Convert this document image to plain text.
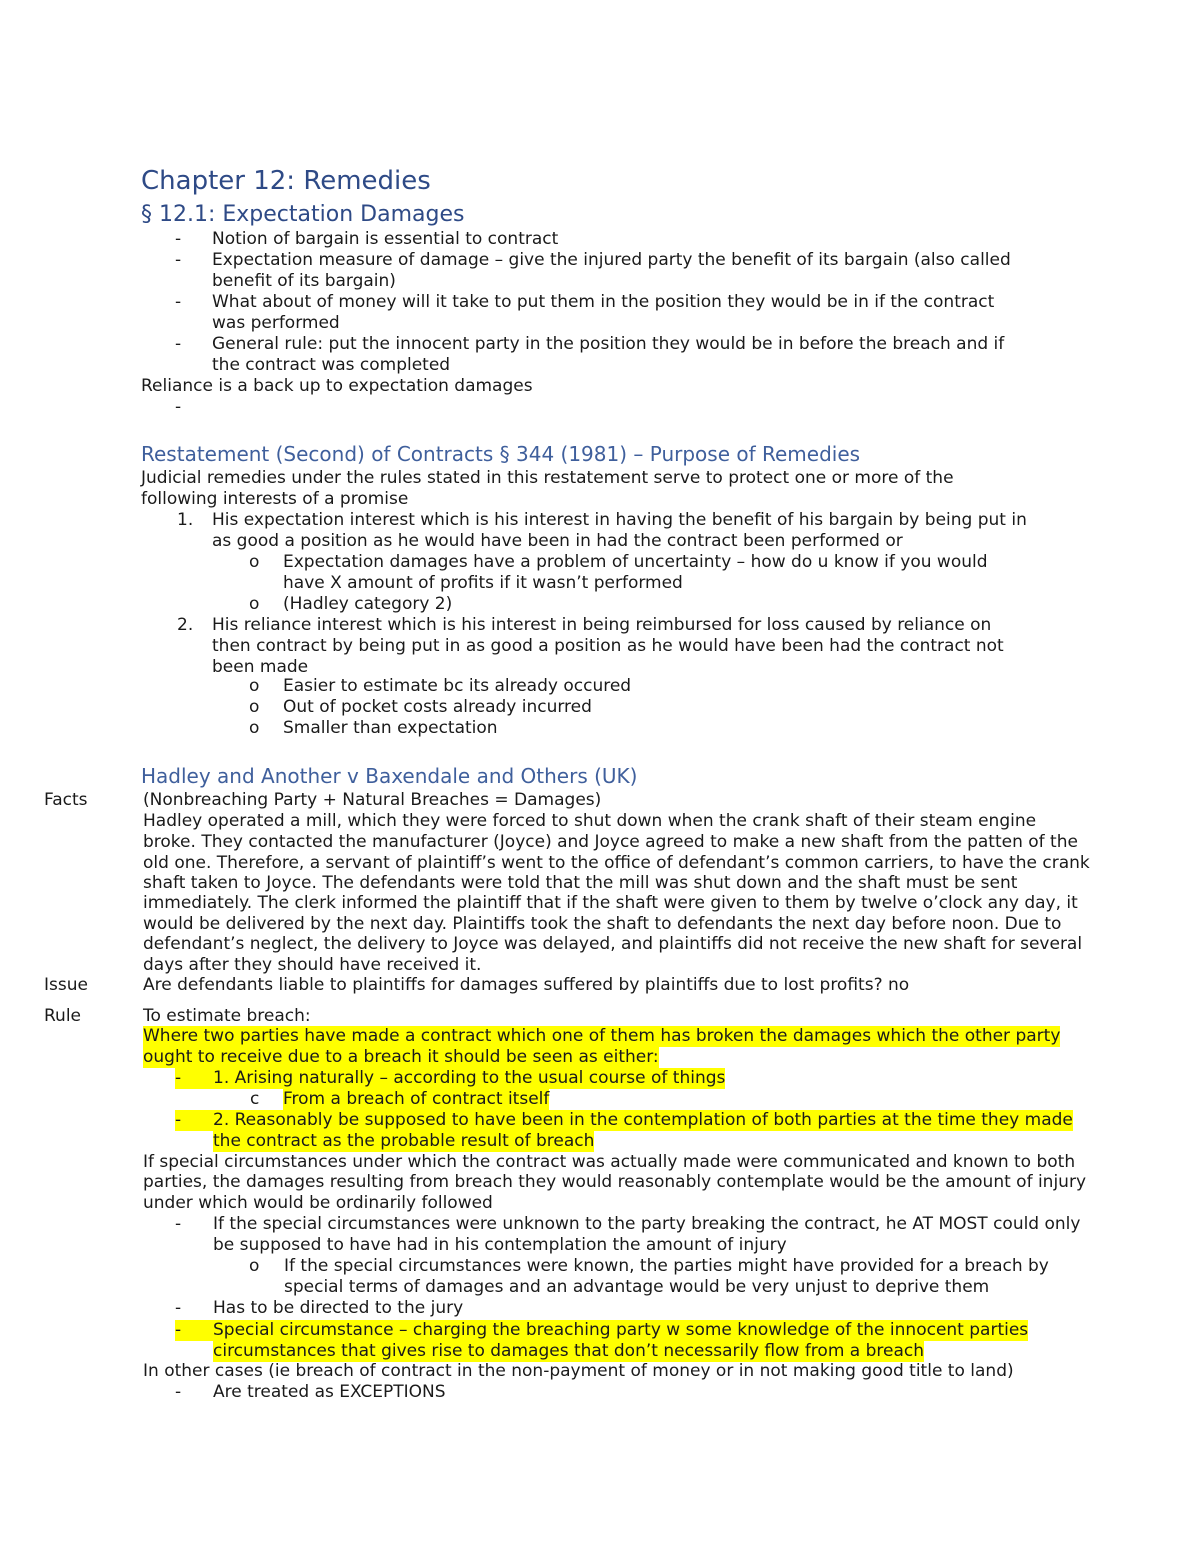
Chapter 12: Remedies
§ 12.1: Expectation Damages
- Notion of bargain is essential to contract
- Expectation measure of damage – give the injured party the benefit of its bargain (also called
benefit of its bargain)
- What about of money will it take to put them in the position they would be in if the contract
was performed
- General rule: put the innocent party in the position they would be in before the breach and if
the contract was completed
Reliance is a back up to expectation damages
-
Restatement (Second) of Contracts § 344 (1981) – Purpose of Remedies
Judicial remedies under the rules stated in this restatement serve to protect one or more of the
following interests of a promise
1. His expectation interest which is his interest in having the benefit of his bargain by being put in
as good a position as he would have been in had the contract been performed or
o Expectation damages have a problem of uncertainty – how do u know if you would
have X amount of profits if it wasn’t performed
o (Hadley category 2)
2. His reliance interest which is his interest in being reimbursed for loss caused by reliance on
then contract by being put in as good a position as he would have been had the contract not
been made
o Easier to estimate bc its already occured
o Out of pocket costs already incurred
o Smaller than expectation
Hadley and Another v Baxendale and Others (UK)
Facts	(Nonbreaching Party + Natural Breaches = Damages)
Hadley operated a mill, which they were forced to shut down when the crank shaft of their steam engine
broke. They contacted the manufacturer (Joyce) and Joyce agreed to make a new shaft from the patten of the
old one. Therefore, a servant of plaintiff’s went to the office of defendant’s common carriers, to have the crank
shaft taken to Joyce. The defendants were told that the mill was shut down and the shaft must be sent
immediately. The clerk informed the plaintiff that if the shaft were given to them by twelve o’clock any day, it
would be delivered by the next day. Plaintiffs took the shaft to defendants the next day before noon. Due to
defendant’s neglect, the delivery to Joyce was delayed, and plaintiffs did not receive the new shaft for several
days after they should have received it.
Issue	Are defendants liable to plaintiffs for damages suffered by plaintiffs due to lost profits? no
Rule	To estimate breach:
Where two parties have made a contract which one of them has broken the damages which the other party
ought to receive due to a breach it should be seen as either:
-	1. Arising naturally – according to the usual course of things
c From a breach of contract itself
-	2. Reasonably be supposed to have been in the contemplation of both parties at the time they made
the contract as the probable result of breach
If special circumstances under which the contract was actually made were communicated and known to both
parties, the damages resulting from breach they would reasonably contemplate would be the amount of injury
under which would be ordinarily followed
- If the special circumstances were unknown to the party breaking the contract, he AT MOST could only
be supposed to have had in his contemplation the amount of injury
o If the special circumstances were known, the parties might have provided for a breach by
special terms of damages and an advantage would be very unjust to deprive them
- Has to be directed to the jury
-	Special circumstance – charging the breaching party w some knowledge of the innocent parties
circumstances that gives rise to damages that don’t necessarily flow from a breach
In other cases (ie breach of contract in the non-payment of money or in not making good title to land)
- Are treated as EXCEPTIONS
